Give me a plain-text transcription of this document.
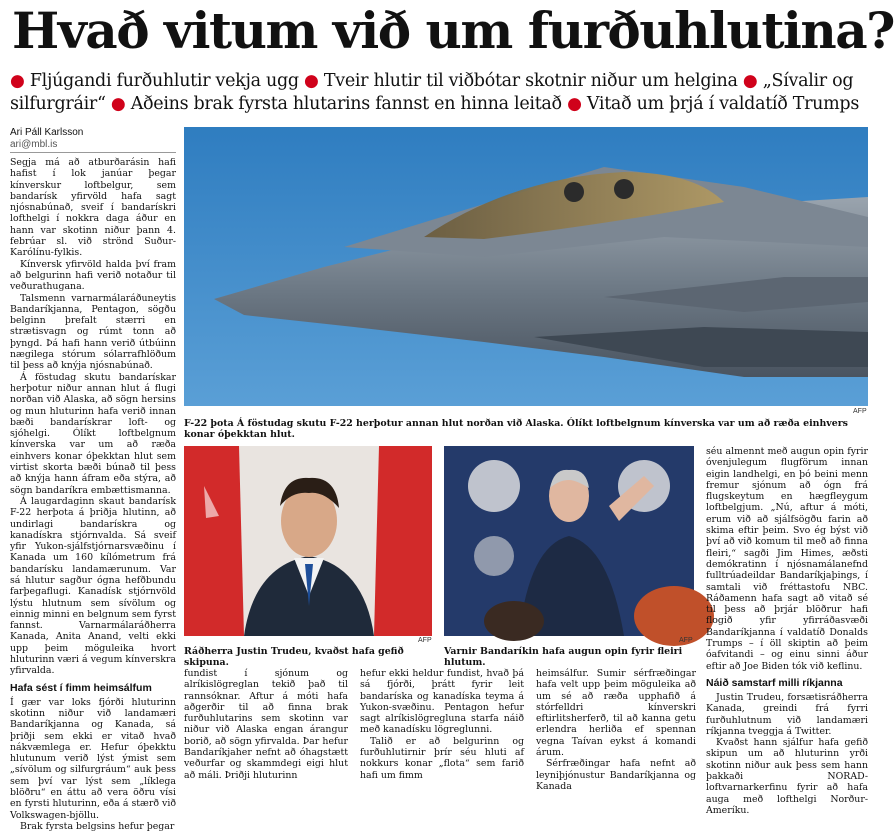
Hvað vitum við um furðuhlutina?
● Fljúgandi furðuhlutir vekja ugg ● Tveir hlutir til viðbótar skotnir niður um helgina ● „Sívalir og silfurgráir“ ● Aðeins brak fyrsta hlutarins fannst en hinna leitað ● Vitað um þrjá í valdatíð Trumps
Ari Páll Karlsson
ari@mbl.is

Segja má að atburðarásin hafi hafist í lok janúar þegar kínverskur loftbelgur, sem bandarísk yfirvöld hafa sagt njósnabúnað, sveif í bandarískri lofthelgi í nokkra daga áður en hann var skotinn niður þann 4. febrúar sl. við strönd Suður-Karólínu-fylkis.

Kínversk yfirvöld halda því fram að belgurinn hafi verið notaður til veðurathugana.

Talsmenn varnarmálaráðuneytis Bandaríkjanna, Pentagon, sögðu belginn þrefalt stærri en strætisvagn og rúmt tonn að þyngd. Þá hafi hann verið útbúinn nægilega stórum sólarrafhlöðum til þess að knýja njósnabúnað.

Á föstudag skutu bandarískar herþotur niður annan hlut á flugi norðan við Alaska, að sögn hersins og mun hluturinn hafa verið innan bæði bandarískrar loft- og sjóhelgi. Ólíkt loftbelgnum kínverska var um að ræða einhvers konar óþekktan hlut sem virtist skorta bæði búnað til þess að knýja hann áfram eða stýra, að sögn bandaríkra embættismanna.

Á laugardaginn skaut bandarísk F-22 herþota á þriðja hlutinn, að undirlagi bandarískra og kanadískra stjórnvalda. Sá sveif yfir Yukon-sjálfstjórnarsvæðinu í Kanada um 160 kílómetrum frá bandarísku landamærunum. Var sá hlutur sagður ógna hefðbundu farþegaflugi. Kanadísk stjórnvöld lýstu hlutnum sem sívölum og einnig minni en belgnum sem fyrst fannst. Varnarmálaráðherra Kanada, Anita Anand, velti ekki upp þeim möguleika hvort hluturinn væri á vegum kínverskra yfirvalda.

Hafa sést í fimm heimsálfum

Í gær var loks fjórði hluturinn skotinn niður við landamæri Bandaríkjanna og Kanada, sá þriðji sem ekki er vitað hvað nákvæmlega er. Hefur óþekktu hlutunum verið lýst ýmist sem „sívölum og silfurgráum“ auk þess sem því var lýst sem „líklega blöðru“ en áttu að vera öðru vísi en fyrsti hluturinn, eða á stærð við Volkswagen-bjöllu.

Brak fyrsta belgsins hefur þegar

AFP
F-22 þota Á föstudag skutu F-22 herþotur annan hlut norðan við Alaska. Ólíkt loftbelgnum kínverska var um að ræða einhvers konar óþekktan hlut.
AFP
Ráðherra Justin Trudeu, kvaðst hafa gefið skipuna.
AFP
Varnir Bandaríkin hafa augun opin fyrir fleiri hlutum.

séu almennt með augun opin fyrir óvenjulegum flugförum innan eigin landhelgi, en þó beini menn fremur sjónum að ógn frá flugskeytum en hægfleygum loftbelgjum. „Nú, aftur á móti, erum við að sjálfsögðu farin að skima eftir þeim. Svo ég býst við því að við komum til með að finna fleiri,“ sagði Jim Himes, æðsti demókratinn í njósnamálanefnd fulltrúadeildar Bandaríkjaþings, í samtali við fréttastofu NBC. Ráðamenn hafa sagt að vitað sé til þess að þrjár blöðrur hafi flogið yfir yfirráðasvæði Bandaríkjanna í valdatíð Donalds Trumps – í öll skiptin að þeim óafvitandi – og einu sinni áður eftir að Joe Biden tók við keflinu.

Náið samstarf milli ríkjanna

Justin Trudeu, forsætisráðherra Kanada, greindi frá fyrri furðuhlutnum við landamæri ríkjanna tveggja á Twitter.

Kvaðst hann sjálfur hafa gefið skipun um að hluturinn yrði skotinn niður auk þess sem hann þakkaði NORAD-loftvarnarkerfinu fyrir að hafa auga með lofthelgi Norður-Ameríku.

fundist í sjónum og alríkislögreglan tekið það til rannsóknar. Aftur á móti hafa aðgerðir til að finna brak furðuhlutarins sem skotinn var niður við Alaska engan árangur borið, að sögn yfirvalda. Þar hefur Bandaríkjaher nefnt að óhagstætt veðurfar og skammdegi eigi hlut að máli. Þriðji hluturinn

hefur ekki heldur fundist, hvað þá sá fjórði, þrátt fyrir leit bandaríska og kanadíska teyma á Yukon-svæðinu. Pentagon hefur sagt alríkislögreglunа starfa náið með kanadísku lögreglunni.

Talið er að belgurinn og furðuhlutirnir þrír séu hluti af nokkurs konar „flota“ sem farið hafi um fimm

heimsálfur. Sumir sérfræðingar hafa velt upp þeim möguleika að um sé að ræða upphafið á stórfelldri kínverskri eftirlitsherferð, til að kanna getu erlendra herliða ef spennan vegna Taívan eykst á komandi árum.

Sérfræðingar hafa nefnt að leyniþjónustur Bandaríkjanna og Kanada
